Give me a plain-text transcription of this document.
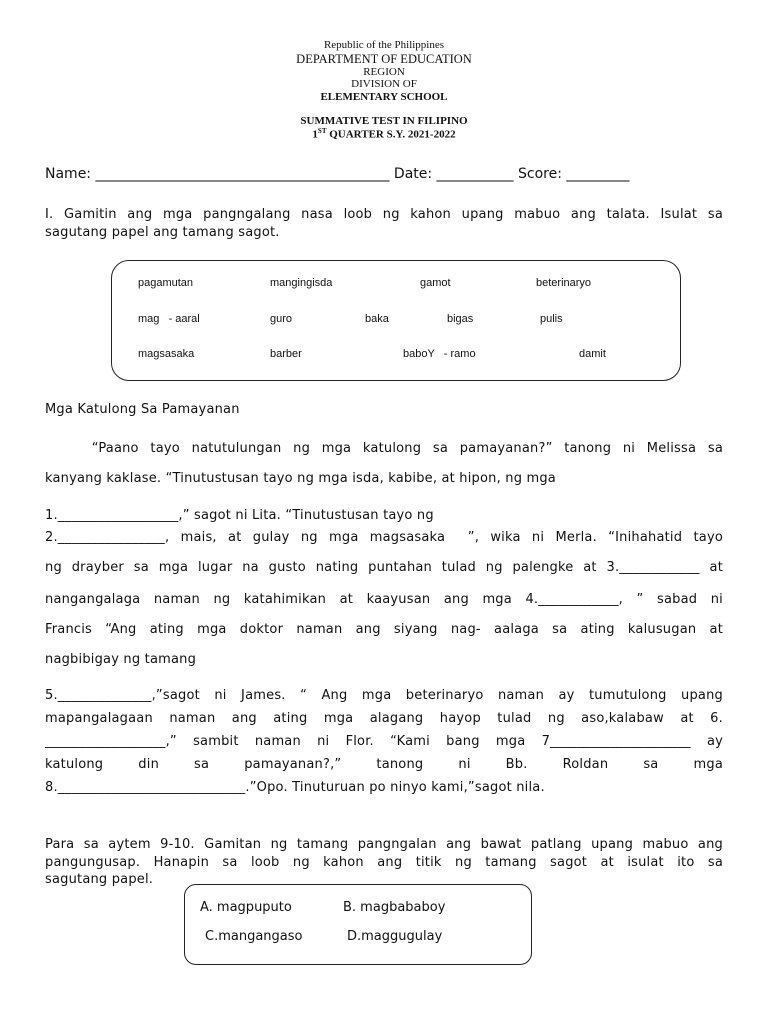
Republic of the Philippines
DEPARTMENT OF EDUCATION
REGION
DIVISION OF
ELEMENTARY SCHOOL
SUMMATIVE TEST IN FILIPINO
1ST QUARTER S.Y. 2021-2022
Name: __________________________________________ Date: ___________ Score: _________
I. Gamitin ang mga pangngalang nasa loob ng kahon upang mabuo ang talata. Isulat sa
sagutang papel ang tamang sagot.
pagamutan	mangingisda	gamot	beterinaryo
mag   - aaral	guro	baka	bigas	pulis
magsasaka	barber	baboY   - ramo	damit
Mga Katulong Sa Pamayanan
“Paano tayo natutulungan ng mga katulong sa pamayanan?” tanong ni Melissa sa
kanyang kaklase. “Tinutustusan tayo ng mga isda, kabibe, at hipon, ng mga
1.__________________,” sagot ni Lita. “Tinutustusan tayo ng
2.________________, mais, at gulay ng mga magsasaka  ”, wika ni Merla. “Inihahatid tayo
ng drayber sa mga lugar na gusto nating puntahan tulad ng palengke at 3.____________ at
nangangalaga naman ng katahimikan at kaayusan ang mga 4.____________, ” sabad ni
Francis “Ang ating mga doktor naman ang siyang nag- aalaga sa ating kalusugan at
nagbibigay ng tamang
5.______________,”sagot ni James. “ Ang mga beterinaryo naman ay tumutulong upang
mapangalagaan naman ang ating mga alagang hayop tulad ng aso,kalabaw at 6.
__________________,” sambit naman ni Flor. “Kami bang mga 7_____________________ ay
katulong din sa pamayanan?,” tanong ni Bb. Roldan sa mga
8.____________________________.”Opo. Tinuturuan po ninyo kami,”sagot nila.
Para sa aytem 9-10. Gamitan ng tamang pangngalan ang bawat patlang upang mabuo ang
pangungusap. Hanapin sa loob ng kahon ang titik ng tamang sagot at isulat ito sa
sagutang papel.
A. magpuputo	B. magbababoy
C.mangangaso	D.maggugulay
